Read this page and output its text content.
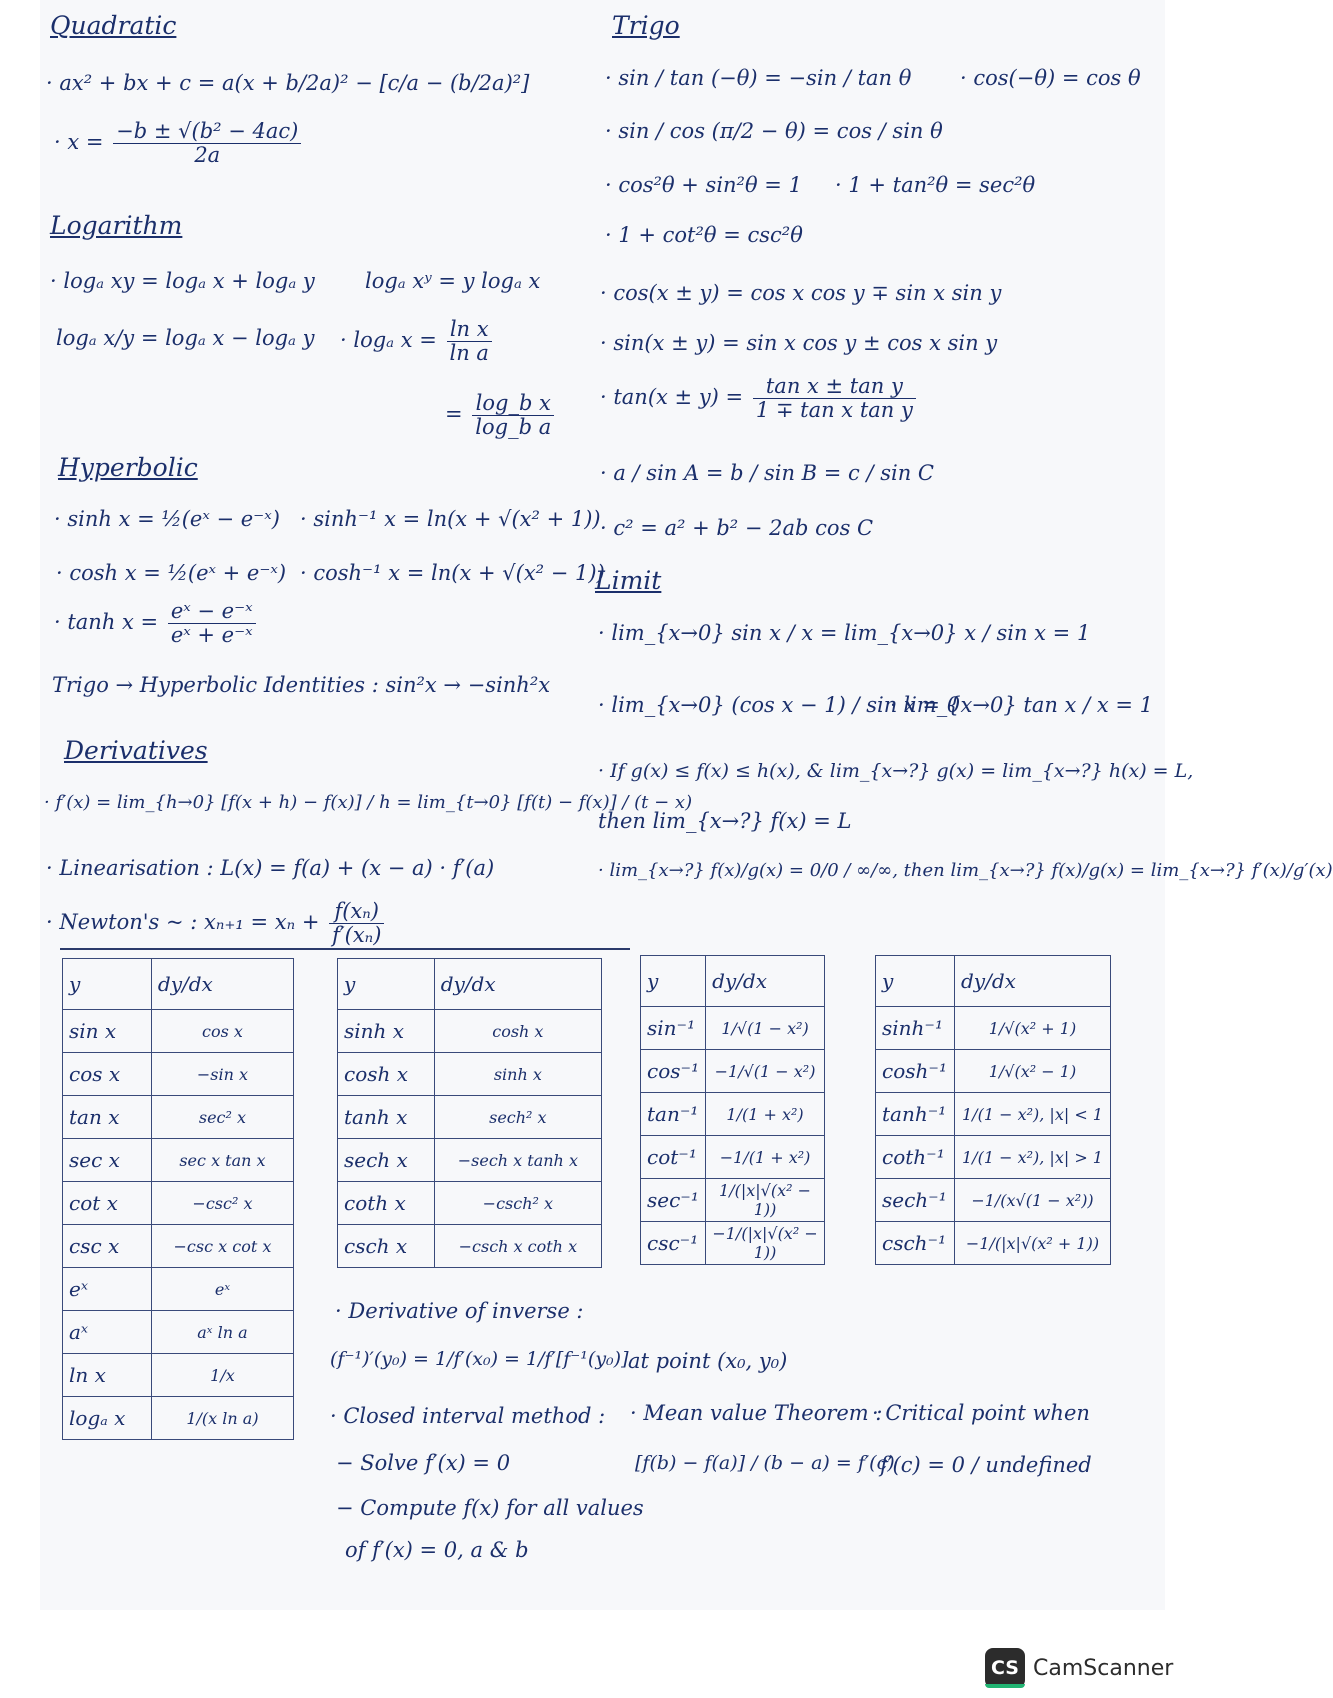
Quadratic
· ax² + bx + c = a(x + b/2a)² − [c/a − (b/2a)²]
· $x = \frac{\text{−b ± √(b² − 4ac)}}{2a}$
Logarithm
· logₐ xy = logₐ x + logₐ y logₐ xʸ = y logₐ x
logₐ x/y = logₐ x − logₐ y · logₐ $x = \frac{\text{ln x}}{\text{ln a}}$
= $\frac{\text{log\_b x}}{\text{log\_b a}}$
Hyperbolic
· sinh x = ½(eˣ − e⁻ˣ) · sinh⁻¹ x = ln(x + √(x² + 1))
· cosh x = ½(eˣ + e⁻ˣ) · cosh⁻¹ x = ln(x + √(x² − 1))
· $\tanh x = \frac{\text{eˣ − e⁻ˣ}}{\text{eˣ + e⁻ˣ}}$
Trigo → Hyperbolic Identities : sin²x → −sinh²x
Derivatives
· f′(x) = lim_{h→0} [f(x + h) − f(x)] / h = lim_{t→0} [f(t) − f(x)] / (t − x)
· Linearisation : L(x) = f(a) + (x − a) · f′(a)
· Newton's ~ : $x_{n+1} = x_n + \frac{\text{f(xₙ)}}{\text{f′(xₙ)}}$
Trigo
· sin / tan (−θ) = −sin / tan θ · cos(−θ) = cos θ
· sin / cos (π/2 − θ) = cos / sin θ
· cos²θ + sin²θ = 1 · 1 + tan²θ = sec²θ
· 1 + cot²θ = csc²θ
· cos(x ± y) = cos x cos y ∓ sin x sin y
· sin(x ± y) = sin x cos y ± cos x sin y
· $\tan(x \pm y) = \frac{\text{tan x ± tan y}}{\text{1 ∓ tan x tan y}}$
· a / sin A = b / sin B = c / sin C
· c² = a² + b² − 2ab cos C
Limit
· lim_{x→0} sin x / x = lim_{x→0} x / sin x = 1
· lim_{x→0} (cos x − 1) / sin x = 0
· lim_{x→0} tan x / x = 1
· If g(x) ≤ f(x) ≤ h(x), & lim_{x→?} g(x) = lim_{x→?} h(x) = L,
then lim_{x→?} f(x) = L
· lim_{x→?} f(x)/g(x) = 0/0 / ∞/∞, then lim_{x→?} f(x)/g(x) = lim_{x→?} f′(x)/g′(x)
y	dy/dx
sin x	cos x
cos x	−sin x
tan x	sec² x
sec x	sec x tan x
cot x	−csc² x
csc x	−csc x cot x
eˣ	eˣ
aˣ	aˣ ln a
ln x	1/x
logₐ x	1/(x ln a)
y	dy/dx
sinh x	cosh x
cosh x	sinh x
tanh x	sech² x
sech x	−sech x tanh x
coth x	−csch² x
csch x	−csch x coth x
y	dy/dx
sin⁻¹	1/√(1 − x²)
cos⁻¹	−1/√(1 − x²)
tan⁻¹	1/(1 + x²)
cot⁻¹	−1/(1 + x²)
sec⁻¹	1/(|x|√(x² − 1))
csc⁻¹	−1/(|x|√(x² − 1))
y	dy/dx
sinh⁻¹	1/√(x² + 1)
cosh⁻¹	1/√(x² − 1)
tanh⁻¹	1/(1 − x²), |x| < 1
coth⁻¹	1/(1 − x²), |x| > 1
sech⁻¹	−1/(x√(1 − x²))
csch⁻¹	−1/(|x|√(x² + 1))
· Derivative of inverse :
(f⁻¹)′(y₀) = 1/f′(x₀) = 1/f′[f⁻¹(y₀)] at point (x₀, y₀)
· Closed interval method :
− Solve f′(x) = 0
− Compute f(x) for all values
of f′(x) = 0, a & b
· Mean value Theorem :
[f(b) − f(a)] / (b − a) = f′(c)
· Critical point when
f′(c) = 0 / undefined
CS CamScanner
